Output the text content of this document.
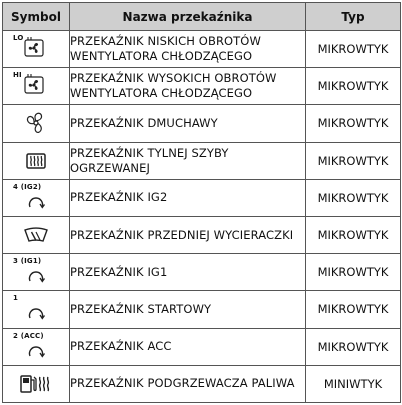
Symbol	Nazwa przekaźnika	Typ

LO	PRZEKAŹNIK NISKICH OBROTÓW WENTYLATORA CHŁODZĄCEGO	MIKROWTYK

HI	PRZEKAŹNIK WYSOKICH OBROTÓW WENTYLATORA CHŁODZĄCEGO	MIKROWTYK

	PRZEKAŹNIK DMUCHAWY	MIKROWTYK

	PRZEKAŹNIK TYLNEJ SZYBY OGRZEWANEJ	MIKROWTYK

4 (IG2)	PRZEKAŹNIK IG2	MIKROWTYK

	PRZEKAŹNIK PRZEDNIEJ WYCIERACZKI	MIKROWTYK

3 (IG1)	PRZEKAŹNIK IG1	MIKROWTYK

1	PRZEKAŹNIK STARTOWY	MIKROWTYK

2 (ACC)	PRZEKAŹNIK ACC	MIKROWTYK

	PRZEKAŹNIK PODGRZEWACZA PALIWA	MINIWTYK
